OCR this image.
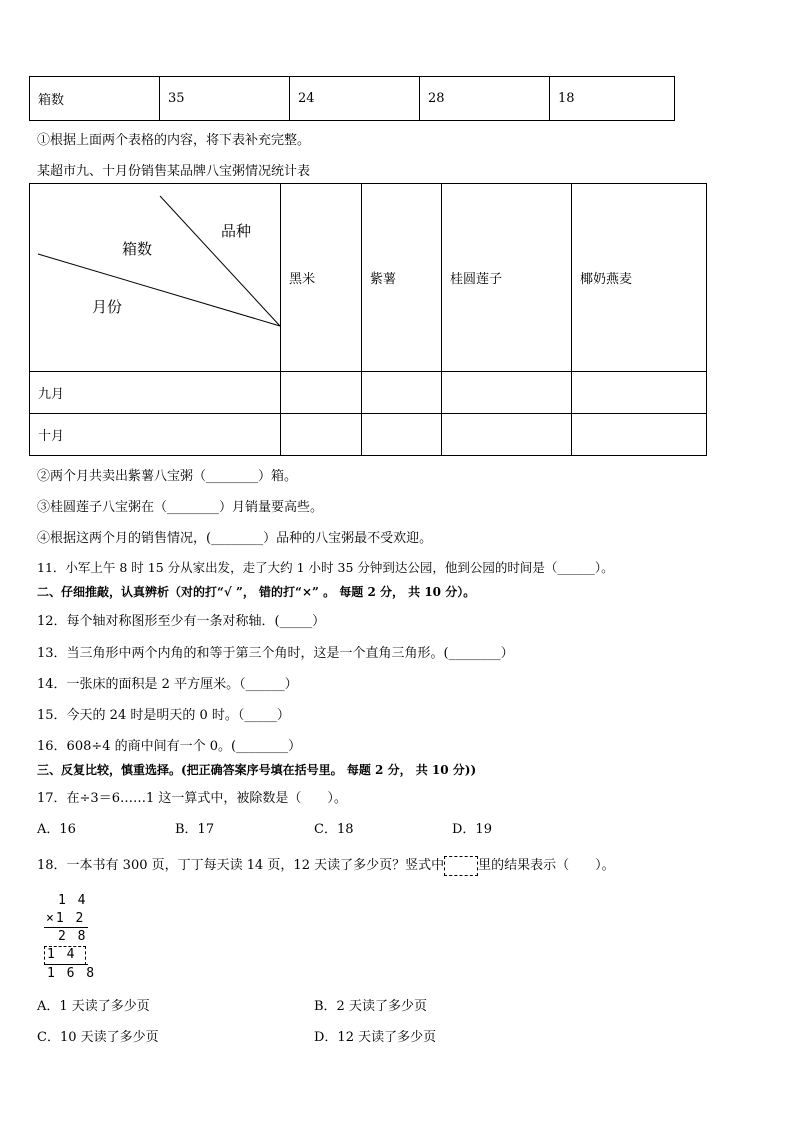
箱数	35	24	28	18
①根据上面两个表格的内容，将下表补充完整。
某超市九、十月份销售某品牌八宝粥情况统计表
品种
箱数
月份	黑米	紫薯	桂圆莲子	椰奶燕麦
九月				
十月				
②两个月共卖出紫薯八宝粥（________）箱。
③桂圆莲子八宝粥在（________）月销量要高些。
④根据这两个月的销售情况，(________）品种的八宝粥最不受欢迎。
11．小军上午 8 时 15 分从家出发，走了大约 1 小时 35 分钟到达公园，他到公园的时间是（______）。
二、仔细推敲，认真辨析（对的打“√ ”， 错的打“×” 。 每题 2 分， 共 10 分）。
12．每个轴对称图形至少有一条对称轴．(_____）
13．当三角形中两个内角的和等于第三个角时，这是一个直角三角形。(________）
14．一张床的面积是 2 平方厘米。（______）
15．今天的 24 时是明天的 0 时。（_____）
16．608÷4 的商中间有一个 0。(________）
三、反复比较，慎重选择。(把正确答案序号填在括号里。 每题 2 分， 共 10 分))
17．在÷3＝6……1 这一算式中，被除数是（　　）。
A．16	B．17	C．18	D．19
18．一本书有 300 页，丁丁每天读 14 页，12 天读了多少页？竖式中	里的结果表示（　　）。
1 4
×1 2
2 8
1 4
1 6 8
A．1 天读了多少页	B．2 天读了多少页
C．10 天读了多少页	D．12 天读了多少页
